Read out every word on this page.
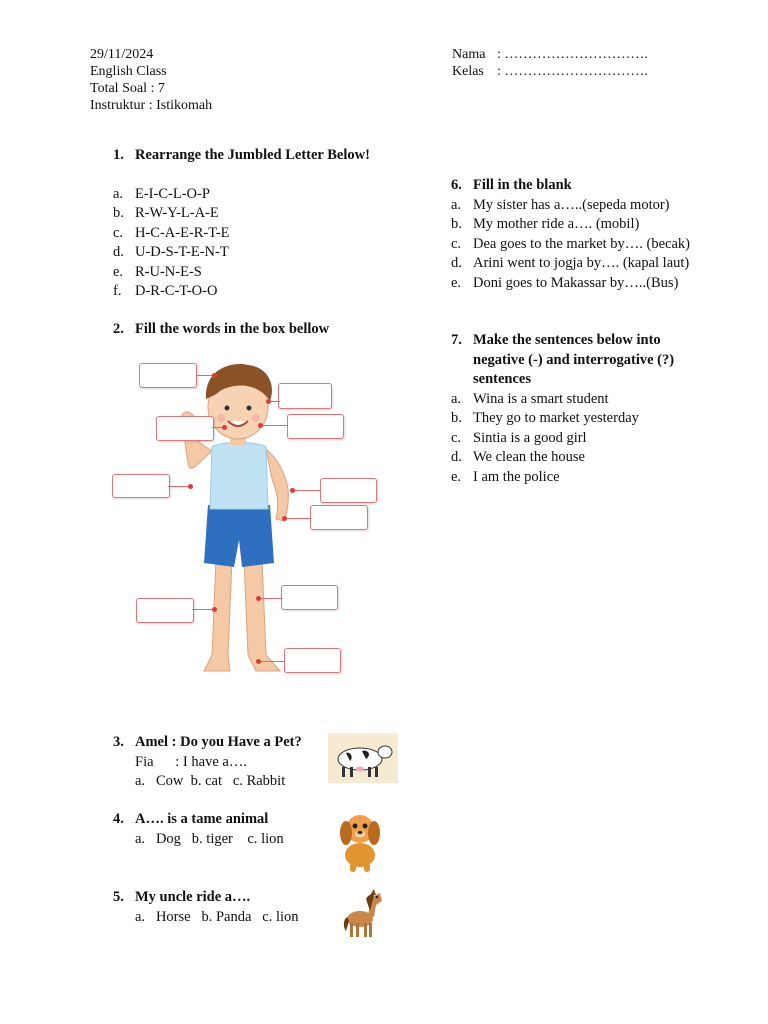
29/11/2024
English Class
Total Soal : 7
Instruktur : Istikomah
Nama : ………………………….
Kelas : ………………………….
1. Rearrange the Jumbled Letter Below!
a. E-I-C-L-O-P
b. R-W-Y-L-A-E
c. H-C-A-E-R-T-E
d. U-D-S-T-E-N-T
e. R-U-N-E-S
f. D-R-C-T-O-O
2. Fill the words in the box bellow
3. Amel : Do you Have a Pet?
Fia      : I have a….
a. Cow b. cat c. Rabbit
4. A…. is a tame animal
a. Dog b. tiger c. lion
5. My uncle ride a….
a. Horse b. Panda c. lion
6. Fill in the blank
a. My sister has a…..(sepeda motor)
b. My mother ride a…. (mobil)
c. Dea goes to the market by…. (becak)
d. Arini went to jogja by…. (kapal laut)
e. Doni goes to Makassar by…..(Bus)
7. Make the sentences below into
negative (-) and interrogative (?)
sentences
a. Wina is a smart student
b. They go to market yesterday
c. Sintia is a good girl
d. We clean the house
e. I am the police
